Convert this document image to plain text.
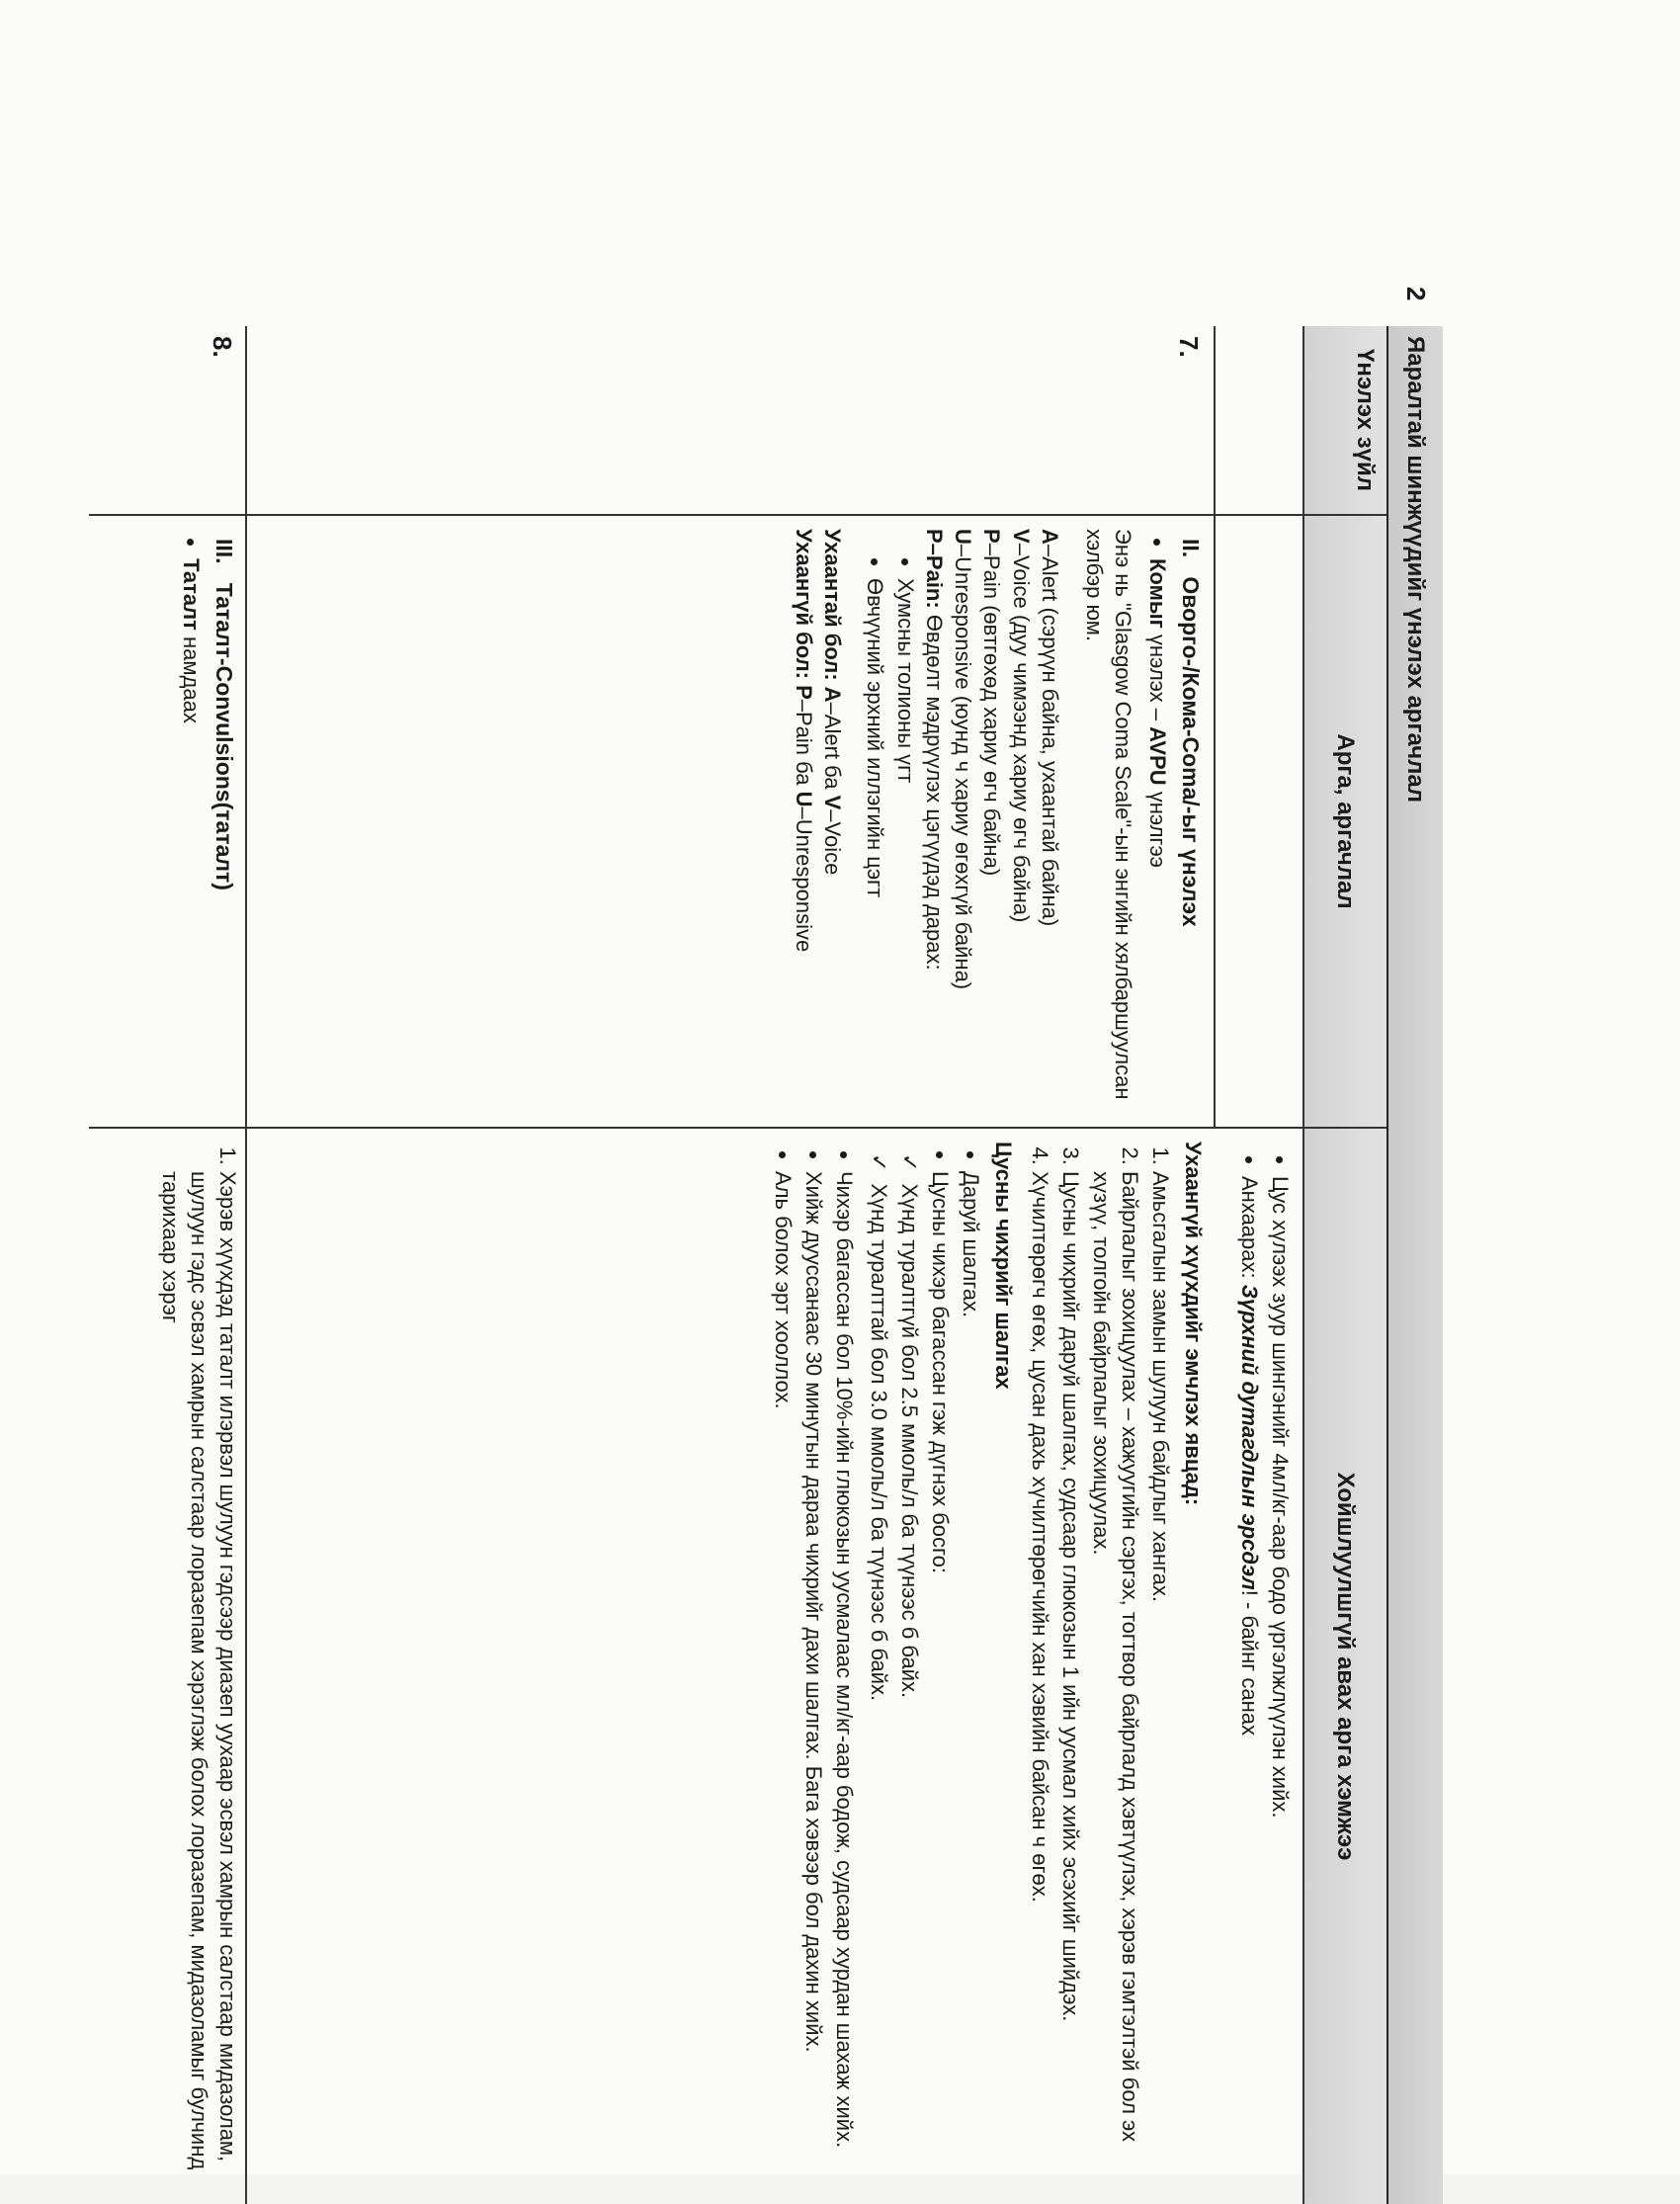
2
Яаралтай шинжүүдийг үнэлэх аргачлал
Үнэлэх зүйл
Арга, аргачлал
Хойшлуулшгүй авах арга хэмжээ
• Цус хүлээх зуур шингэнийг 4мл/кг-аар бодо үргэлжлүүлэн хийх.
• Анхаарах: Зүрхний дутагдлын эрсдэл! - байнг санах
7.

II.   Оворго-/Кома-Coma/-ыг үнэлэх

• Комыг үнэлэх – AVPU үнэлгээ

Энэ нь "Glasgow Coma Scale"-ын энгийн хялбаршуулсан хэлбэр юм.

A–Alert (сэрүүн байна, ухаантай байна)

V–Voice (дуу чимээнд хариу өгч байна)

P–Pain (өвтгөхөд хариу өгч байна)

U–Unresponsive (юунд ч хариу өгөхгүй байна)

P–Pain: Өвдөлт мэдрүүлэх цэгүүдэд дарах:

• Хумсны толионы үгт
• Өвчүүний эрхний иллэгийн цэгт

Ухаантай бол: A–Alert ба V–Voice

Ухаангүй бол: P–Pain ба U–Unresponsive

Ухаангүй хүүхдийг эмчлэх явцад:

1. Амьсгалын замын шулуун байдлыг хангах.
2. Байрлалыг зохицуулах – хажуугийн сэргэх, тогтвор байрлалд хэвтүүлэх, хэрэв гэмтэлтэй бол эх хүзүү, толгойн байрлалыг зохицуулах.
3. Цусны чихрийг даруй шалгах, судсаар глюкозын 1 ийн уусмал хийх эсэхийг шийдэх.
4. Хүчилтөрөгч өгөх, цусан дахь хүчилтөрөгчийн хан хэвийн байсан ч өгөх.

Цусны чихрийг шалгах

• Даруй шалгах.
• Цусны чихэр багассан гэж дүгнэх босго:
✓ Хүнд туралтгүй бол 2.5 ммоль/л ба түүнээс б байх.
✓ Хүнд туралттай бол 3.0 ммоль/л ба түүнээс б байх.
• Чихэр багассан бол 10%-ийн глюкозын уусмалаас мл/кг-аар бодож, судсаар хурдан шахаж хийх.
• Хийж дууссанаас 30 минутын дараа чихрийг даxи шалгах. Бага хэвээр бол дахин хийх.
• Аль болох эрт хооллох.
8.

III.   Таталт-Convulsions(таталт)

• Таталт намдаах
1. Хэрэв хүүхдэд таталт илэрвэл шулуун гэдсээр диазеп уухаар эсвэл хамрын салстаар мидазолам, шулуун гэдс эсвэл хамрын салстаар лоразепам хэрэглэж болох лоразепам, мидазоламыг булчинд тарихаар хэрэг
